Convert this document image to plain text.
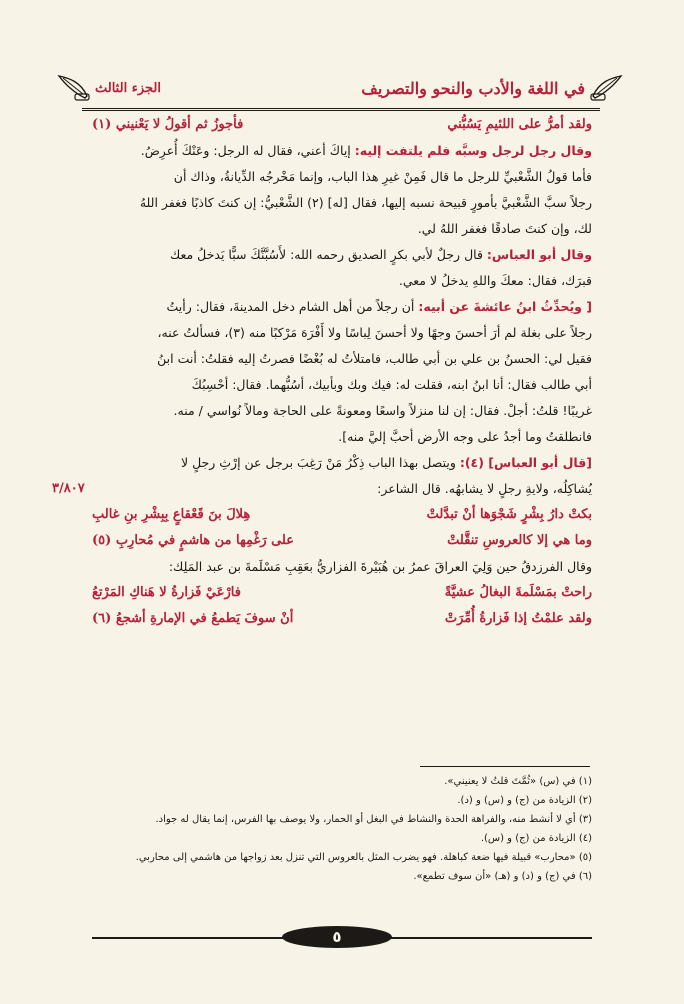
في اللغة والأدب والنحو والتصريف
الجزء الثالث
ولقد أمرُّ على اللئيمِ يَسُبُّني
فأجوزُ ثم أقولُ لا يَعْنيني (١)
وقال رجل لرجل وسبَّه فلم يلتفت إليه: إياكَ أعني، فقال له الرجل: وعَنْكَ أُعرِضُ.
فأما قولُ الشَّعْبيِّ للرجل ما قال فَمِنْ غيرِ هذا الباب، وإنما مَخْرجُه الدِّيانةُ، وذاك أن
رجلاً سبَّ الشَّعْبيَّ بأمورٍ قبيحة نسبه إليها، فقال [له] (٢) الشَّعْبيُّ: إن كنتَ كاذبًا فغفر اللهُ
لك، وإن كنتَ صادقًا فغفر اللهُ لي.
وقال أبو العباس: قال رجلٌ لأبي بكرٍ الصديق رحمه الله: لأَسُبَّنَّكَ سبًّا يَدخلُ معك
قبرَك، فقال: معكَ واللهِ يدخلُ لا معي.
[ ويُحدِّثُ ابنُ عائشةَ عن أبيه: أن رجلاً من أهل الشام دخل المدينةَ، فقال: رأيتُ
رجلاً على بغلة لم أرَ أحسنَ وجهًا ولا أحسنَ لِباسًا ولا أَفْرَهَ مَرْكبًا منه (٣)، فسألتُ عنه،
فقيل لي: الحسنُ بن علي بن أبي طالب، فامتلأتُ له بُغْضًا فصرتُ إليه فقلتُ: أنت ابنُ
أبي طالب فقال: أنا ابنُ ابنه، فقلت له: فيك وبك وبأبيك، أسُبُّهما. فقال: أحْسِبُكَ
غريبًا! قلتُ: أجلْ. فقال: إن لنا منزلاً واسعًا ومعونةً على الحاجة ومالاً نُواسي / منه.
فانطلقتُ وما أجدُ على وجه الأرض أحبَّ إليَّ منه].
[قال أبو العباس] (٤): ويتصل بهذا الباب ذِكْرُ مَنْ رَغِبَ برجل عن إرْثِ رجلٍ لا
يُشاكِلُه، ولايةِ رجلٍ لا يشابهُه. قال الشاعر:
بكتْ دارُ بِشْرٍ شَجْوَها أنْ تبدَّلتْ
هِلالَ بنَ قَعْقاعٍ بِبِشْرِ بنِ غالبِ
وما هي إلا كالعروسِ تنقَّلتْ
على رَغْمِها من هاشمٍ في مُحارِبِ (٥)
وقال الفرزدقُ حين وَلِيَ العراقَ عمرُ بن هُبَيْرةَ الفزاريُّ بعَقِبِ مَسْلَمةَ بن عبد المَلِك:
راحتْ بمَسْلَمةَ البغالُ عشيَّةً
فارْعَيْ فَزارةُ لا هَناكِ المَرْتعُ
ولقد علمْتُ إذا فَزارةُ أُمِّرَتْ
أنْ سوفَ يَطمعُ في الإمارةِ أشجعُ (٦)
٣/٨٠٧
(١) في (س) «ثُمَّتَ قلتُ لا يعنيني».
(٢) الزيادة من (ج) و (س) و (د).
(٣) أي لا أنشط منه، والفراهة الحدة والنشاط في البغل أو الحمار، ولا يوصف بها الفرس، إنما يقال له جواد.
(٤) الزيادة من (ج) و (س).
(٥) «محارب» قبيلة فيها ضعة كباهلة. فهو يضرب المثل بالعروس التي تنزل بعد زواجها من هاشمي إلى محاربي.
(٦) في (ج) و (د) و (هـ) «أن سوف تطمع».
٥
